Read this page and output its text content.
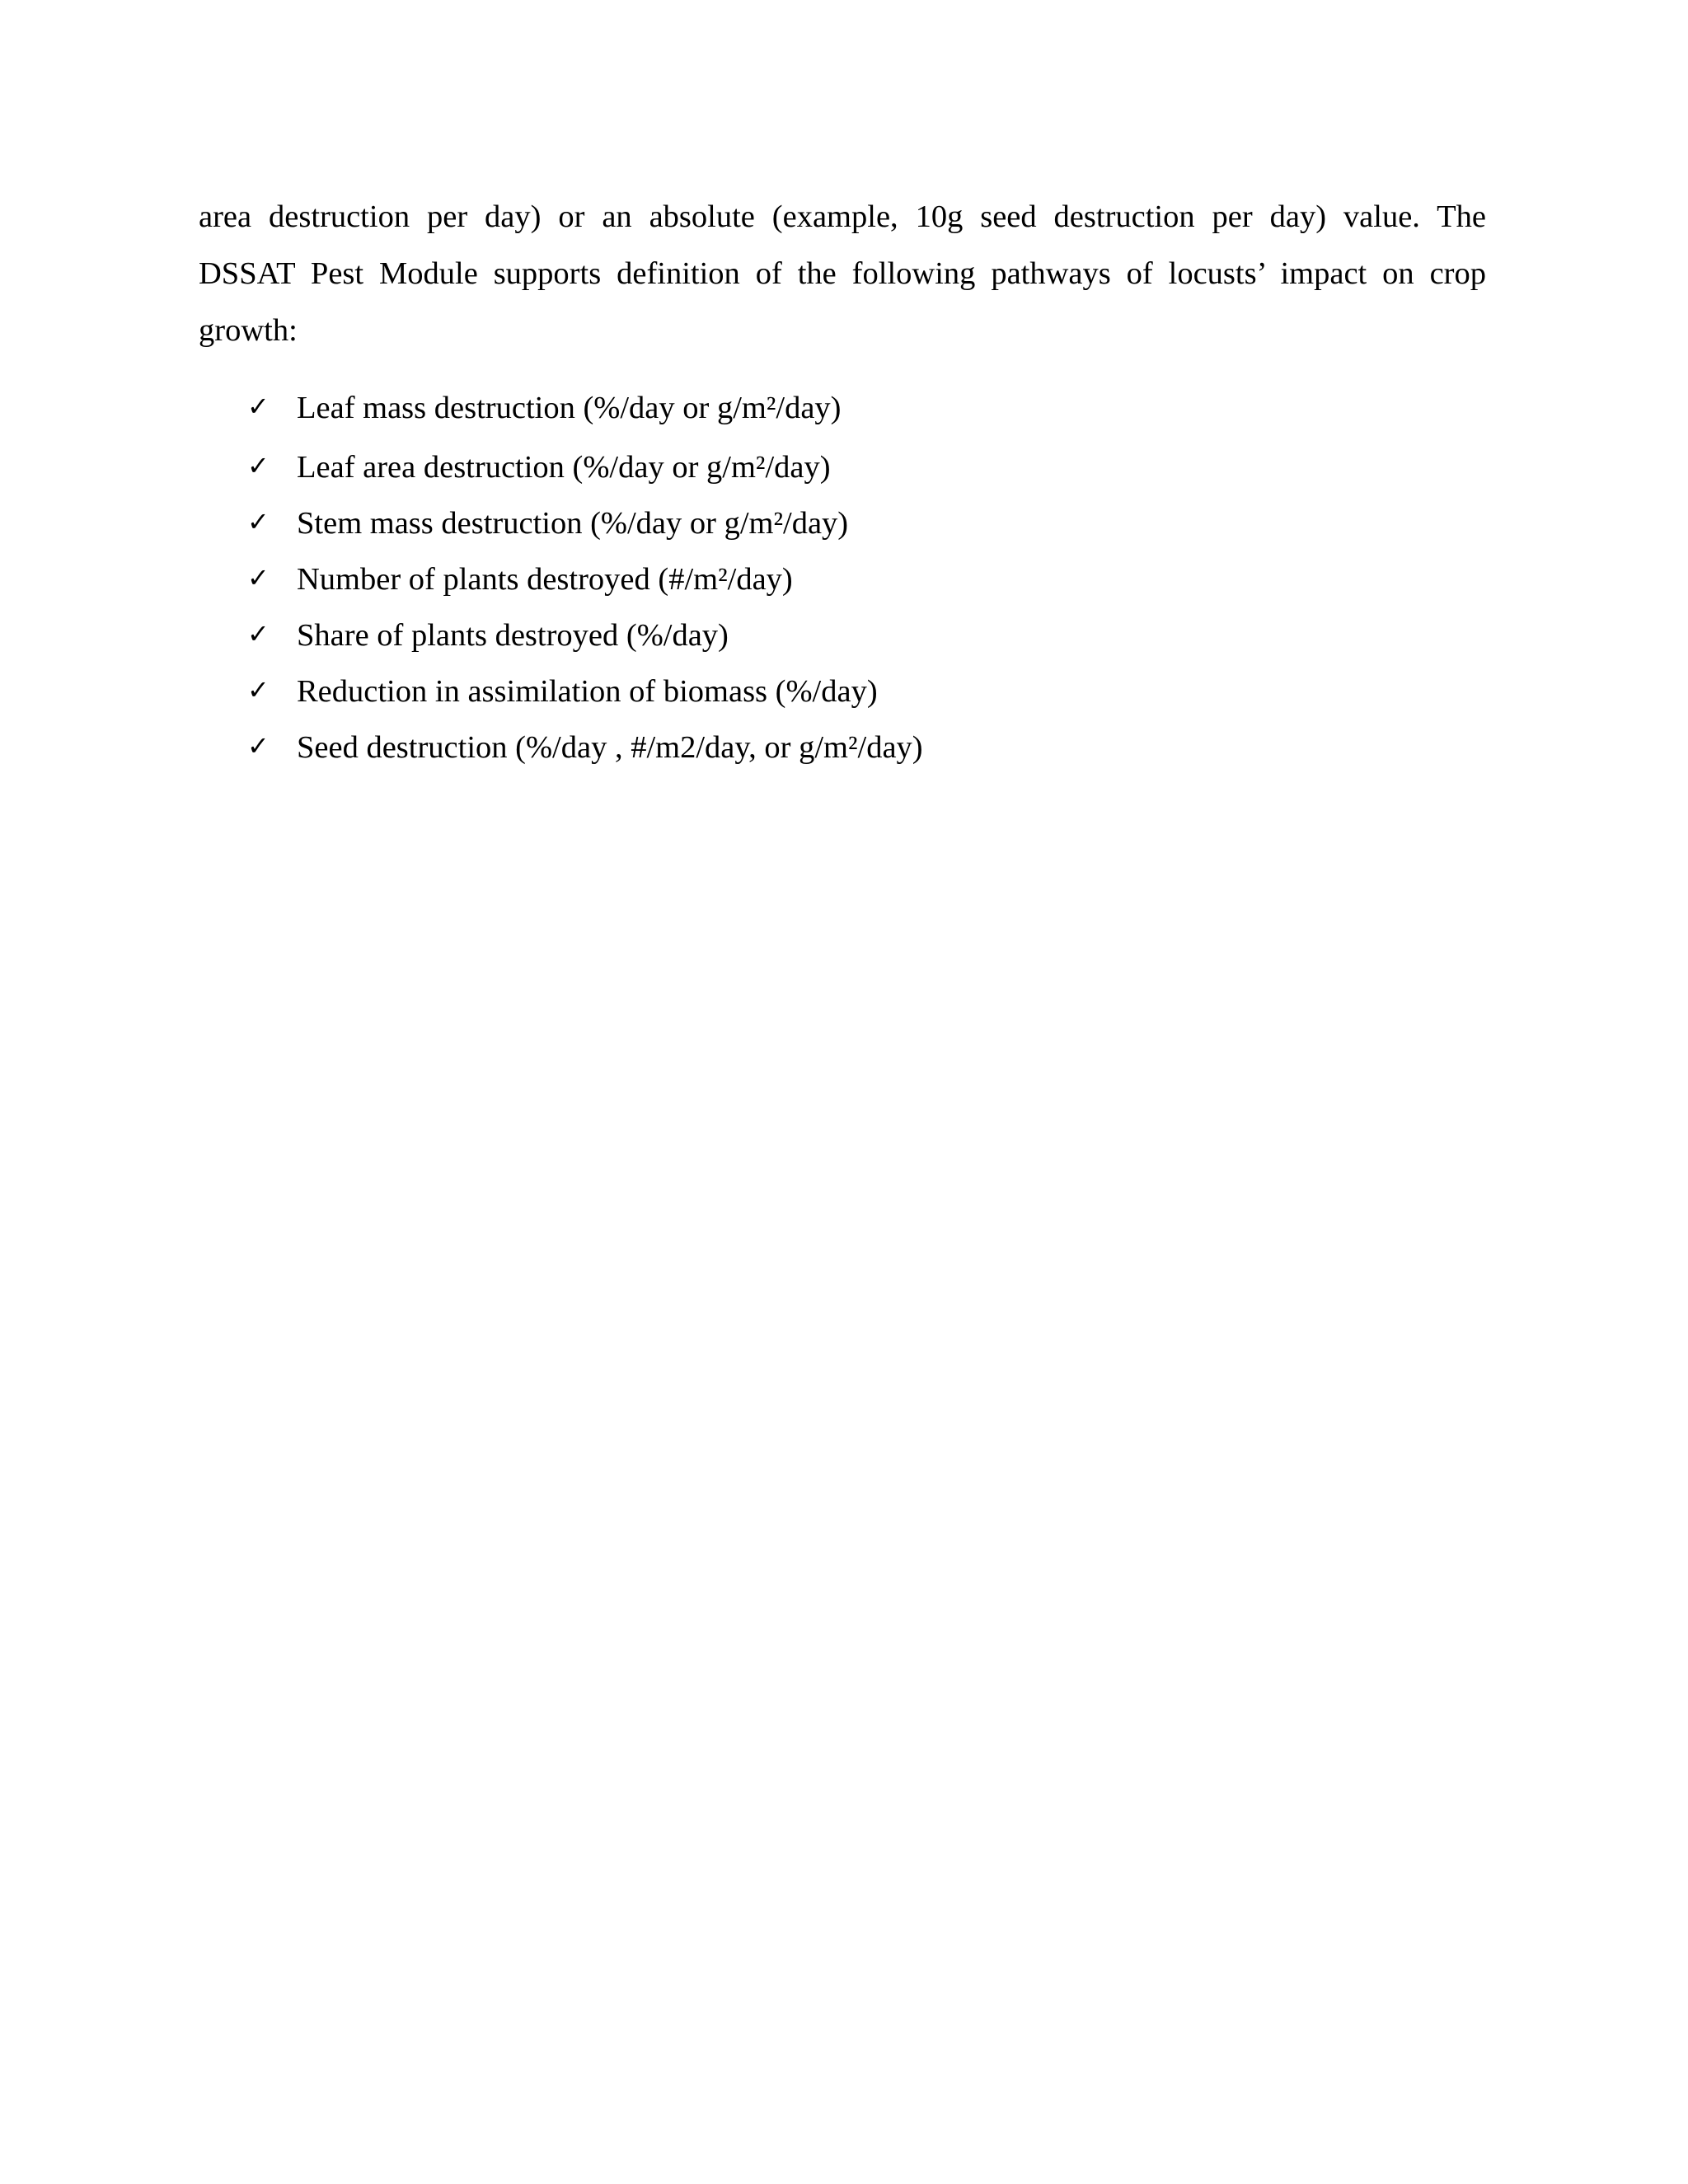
area destruction per day) or an absolute (example, 10g seed destruction per day) value. The
DSSAT Pest Module supports definition of the following pathways of locusts’ impact on crop
growth:

✓ Leaf mass destruction (%/day or g/m²/day)
✓ Leaf area destruction (%/day or g/m²/day)
✓ Stem mass destruction (%/day or g/m²/day)
✓ Number of plants destroyed (#/m²/day)
✓ Share of plants destroyed (%/day)
✓ Reduction in assimilation of biomass (%/day)
✓ Seed destruction (%/day , #/m2/day, or g/m²/day)
